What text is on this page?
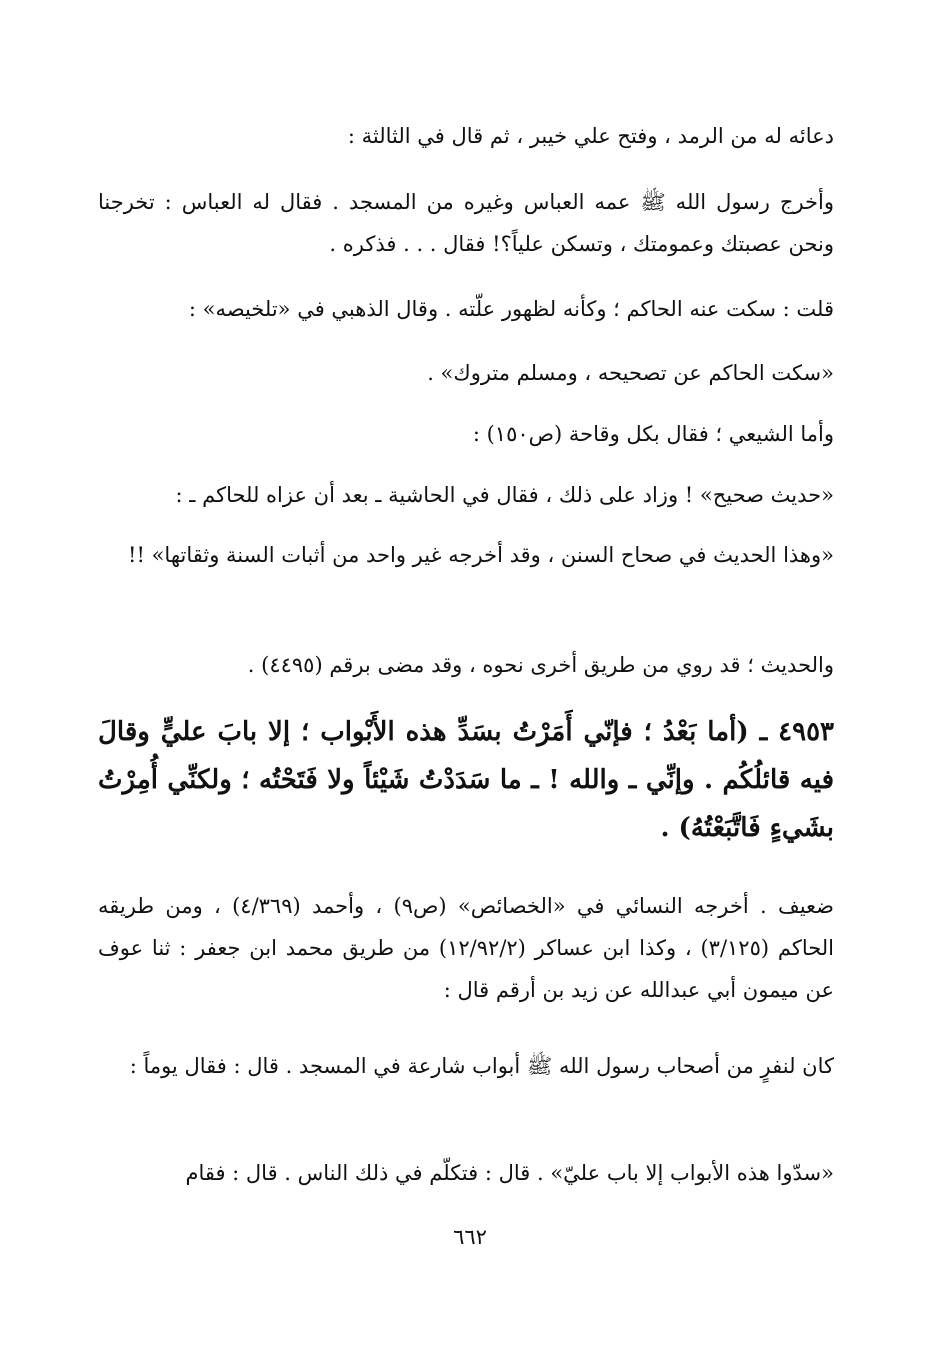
دعائه له من الرمد ، وفتح علي خيبر ، ثم قال في الثالثة :

وأخرج رسول الله ﷺ عمه العباس وغيره من المسجد . فقال له العباس : تخرجنا ونحن عصبتك وعمومتك ، وتسكن علياً؟! فقال . . . فذكره .

قلت : سكت عنه الحاكم ؛ وكأنه لظهور علّته . وقال الذهبي في «تلخيصه» :

«سكت الحاكم عن تصحيحه ، ومسلم متروك» .

وأما الشيعي ؛ فقال بكل وقاحة (ص١٥٠) :

«حديث صحيح» ! وزاد على ذلك ، فقال في الحاشية ـ بعد أن عزاه للحاكم ـ :

«وهذا الحديث في صحاح السنن ، وقد أخرجه غير واحد من أثبات السنة وثقاتها» !!

والحديث ؛ قد روي من طريق أخرى نحوه ، وقد مضى برقم (٤٤٩٥) .

٤٩٥٣ ـ (أما بَعْدُ ؛ فإنّي أَمَرْتُ بسَدِّ هذه الأَبْواب ؛ إلا بابَ عليٍّ وقالَ فيه قائلُكُم . وإنِّي ـ والله ! ـ ما سَدَدْتُ شَيْئاً ولا فَتَحْتُه ؛ ولكنِّي أُمِرْتُ بشَيءٍ فَاتَّبَعْتُهُ) .

ضعيف . أخرجه النسائي في «الخصائص» (ص٩) ، وأحمد (٤/٣٦٩) ، ومن طريقه الحاكم (٣/١٢٥) ، وكذا ابن عساكر (١٢/٩٢/٢) من طريق محمد ابن جعفر : ثنا عوف عن ميمون أبي عبدالله عن زيد بن أرقم قال :

كان لنفرٍ من أصحاب رسول الله ﷺ أبواب شارعة في المسجد . قال : فقال يوماً :

«سدّوا هذه الأبواب إلا باب عليّ» . قال : فتكلّم في ذلك الناس . قال : فقام

٦٦٢
